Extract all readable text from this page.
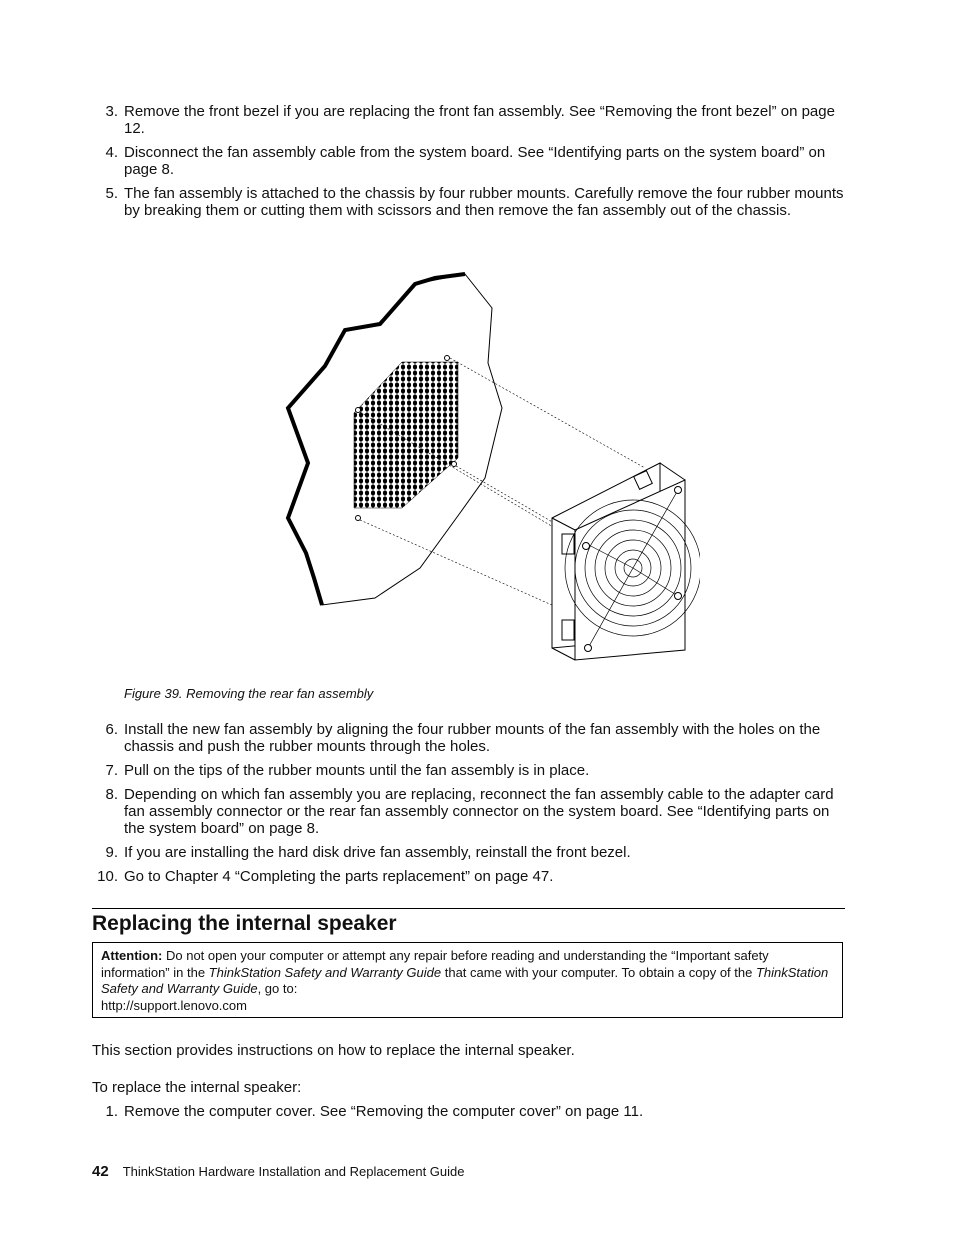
3. Remove the front bezel if you are replacing the front fan assembly. See “Removing the front bezel” on page 12.
4. Disconnect the fan assembly cable from the system board. See “Identifying parts on the system board” on page 8.
5. The fan assembly is attached to the chassis by four rubber mounts. Carefully remove the four rubber mounts by breaking them or cutting them with scissors and then remove the fan assembly out of the chassis.
Figure 39. Removing the rear fan assembly
6. Install the new fan assembly by aligning the four rubber mounts of the fan assembly with the holes on the chassis and push the rubber mounts through the holes.
7. Pull on the tips of the rubber mounts until the fan assembly is in place.
8. Depending on which fan assembly you are replacing, reconnect the fan assembly cable to the adapter card fan assembly connector or the rear fan assembly connector on the system board. See “Identifying parts on the system board” on page 8.
9. If you are installing the hard disk drive fan assembly, reinstall the front bezel.
10. Go to Chapter 4 “Completing the parts replacement” on page 47.
Replacing the internal speaker
Attention: Do not open your computer or attempt any repair before reading and understanding the “Important safety information” in the ThinkStation Safety and Warranty Guide that came with your computer. To obtain a copy of the ThinkStation Safety and Warranty Guide, go to:
http://support.lenovo.com
This section provides instructions on how to replace the internal speaker.
To replace the internal speaker:
1. Remove the computer cover. See “Removing the computer cover” on page 11.
42 ThinkStation Hardware Installation and Replacement Guide
